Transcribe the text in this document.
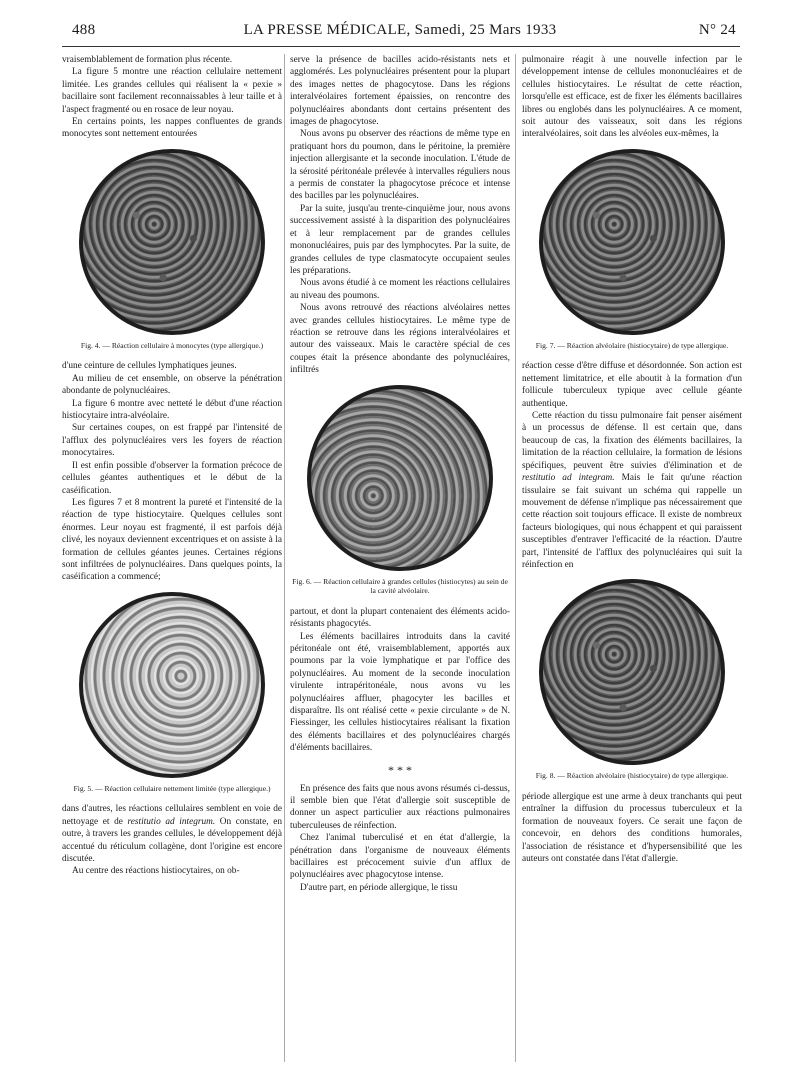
488	LA PRESSE MÉDICALE, Samedi, 25 Mars 1933	N° 24

vraisemblablement de formation plus récente.

La figure 5 montre une réaction cellulaire nettement limitée. Les grandes cellules qui réalisent la « pexie » bacillaire sont facilement reconnaissables à leur taille et à l'aspect fragmenté ou en rosace de leur noyau.

En certains points, les nappes confluentes de grands monocytes sont nettement entourées

Fig. 4. — Réaction cellulaire à monocytes (type allergique.)

d'une ceinture de cellules lymphatiques jeunes.

Au milieu de cet ensemble, on observe la pénétration abondante de polynucléaires.

La figure 6 montre avec netteté le début d'une réaction histiocytaire intra-alvéolaire.

Sur certaines coupes, on est frappé par l'intensité de l'afflux des polynucléaires vers les foyers de réaction monocytaires.

Il est enfin possible d'observer la formation précoce de cellules géantes authentiques et le début de la caséification.

Les figures 7 et 8 montrent la pureté et l'intensité de la réaction de type histiocytaire. Quelques cellules sont énormes. Leur noyau est fragmenté, il est parfois déjà clivé, les noyaux deviennent excentriques et on assiste à la formation de cellules géantes jeunes. Certaines régions sont infiltrées de polynucléaires. Dans quelques points, la caséification a commencé;

Fig. 5. — Réaction cellulaire nettement limitée (type allergique.)

dans d'autres, les réactions cellulaires semblent en voie de nettoyage et de restitutio ad integrum. On constate, en outre, à travers les grandes cellules, le développement déjà accentué du réticulum collagène, dont l'origine est encore discutée.

Au centre des réactions histiocytaires, on ob-

serve la présence de bacilles acido-résistants nets et agglomérés. Les polynucléaires présentent pour la plupart des images nettes de phagocytose. Dans les régions interalvéolaires fortement épaissies, on rencontre des polynucléaires abondants dont certains présentent des images de phagocytose.

Nous avons pu observer des réactions de même type en pratiquant hors du poumon, dans le péritoine, la première injection allergisante et la seconde inoculation. L'étude de la sérosité péritonéale prélevée à intervalles réguliers nous a permis de constater la phagocytose précoce et intense des bacilles par les polynucléaires.

Par la suite, jusqu'au trente-cinquième jour, nous avons successivement assisté à la disparition des polynucléaires et à leur remplacement par de grandes cellules mononucléaires, puis par des lymphocytes. Par la suite, de grandes cellules de type clasmatocyte occupaient seules les préparations.

Nous avons étudié à ce moment les réactions cellulaires au niveau des poumons.

Nous avons retrouvé des réactions alvéolaires nettes avec grandes cellules histiocytaires. Le même type de réaction se retrouve dans les régions interalvéolaires et autour des vaisseaux. Mais le caractère spécial de ces coupes était la présence abondante des polynucléaires, infiltrés

Fig. 6. — Réaction cellulaire à grandes cellules (histiocytes) au sein de la cavité alvéolaire.

partout, et dont la plupart contenaient des éléments acido-résistants phagocytés.

Les éléments bacillaires introduits dans la cavité péritonéale ont été, vraisemblablement, apportés aux poumons par la voie lymphatique et par l'office des polynucléaires. Au moment de la seconde inoculation virulente intrapéritonéale, nous avons vu les polynucléaires affluer, phagocyter les bacilles et disparaître. Ils ont réalisé cette « pexie circulante » de N. Fiessinger, les cellules histiocytaires réalisant la fixation des éléments bacillaires et des polynucléaires chargés d'éléments bacillaires.

* * *

En présence des faits que nous avons résumés ci-dessus, il semble bien que l'état d'allergie soit susceptible de donner un aspect particulier aux réactions pulmonaires tuberculeuses de réinfection.

Chez l'animal tuberculisé et en état d'allergie, la pénétration dans l'organisme de nouveaux éléments bacillaires est précocement suivie d'un afflux de polynucléaires avec phagocytose intense.

D'autre part, en période allergique, le tissu

pulmonaire réagit à une nouvelle infection par le développement intense de cellules mononucléaires et de cellules histiocytaires. Le résultat de cette réaction, lorsqu'elle est efficace, est de fixer les éléments bacillaires libres ou englobés dans les polynucléaires. A ce moment, soit autour des vaisseaux, soit dans les régions interalvéolaires, soit dans les alvéoles eux-mêmes, la

Fig. 7. — Réaction alvéolaire (histiocytaire) de type allergique.

réaction cesse d'être diffuse et désordonnée. Son action est nettement limitatrice, et elle aboutit à la formation d'un follicule tuberculeux typique avec cellule géante authentique.

Cette réaction du tissu pulmonaire fait penser aisément à un processus de défense. Il est certain que, dans beaucoup de cas, la fixation des éléments bacillaires, la limitation de la réaction cellulaire, la formation de lésions spécifiques, peuvent être suivies d'élimination et de restitutio ad integram. Mais le fait qu'une réaction tissulaire se fait suivant un schéma qui rappelle un mouvement de défense n'implique pas nécessairement que cette réaction soit toujours efficace. Il existe de nombreux facteurs biologiques, qui nous échappent et qui paraissent susceptibles d'entraver l'efficacité de la réaction. D'autre part, l'intensité de l'afflux des polynucléaires qui suit la réinfection en

Fig. 8. — Réaction alvéolaire (histiocytaire) de type allergique.

période allergique est une arme à deux tranchants qui peut entraîner la diffusion du processus tuberculeux et la formation de nouveaux foyers. Ce serait une façon de concevoir, en dehors des conditions humorales, l'association de résistance et d'hypersensibilité que les auteurs ont constatée dans l'état d'allergie.
